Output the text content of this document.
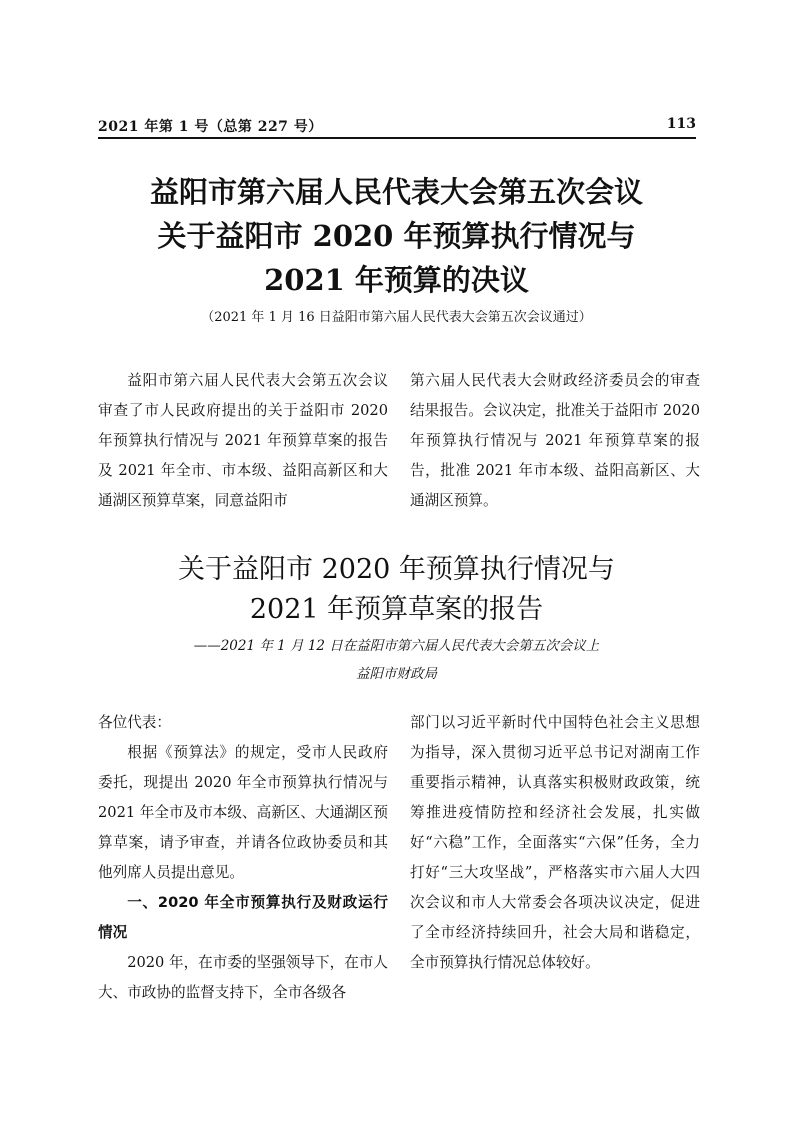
2021 年第 1 号（总第 227 号）	113
益阳市第六届人民代表大会第五次会议
关于益阳市 2020 年预算执行情况与
2021 年预算的决议
（2021 年 1 月 16 日益阳市第六届人民代表大会第五次会议通过）

益阳市第六届人民代表大会第五次会议审查了市人民政府提出的关于益阳市 2020 年预算执行情况与 2021 年预算草案的报告及 2021 年全市、市本级、益阳高新区和大通湖区预算草案，同意益阳市

第六届人民代表大会财政经济委员会的审查结果报告。会议决定，批准关于益阳市 2020 年预算执行情况与 2021 年预算草案的报告，批准 2021 年市本级、益阳高新区、大通湖区预算。

关于益阳市 2020 年预算执行情况与
2021 年预算草案的报告
——2021 年 1 月 12 日在益阳市第六届人民代表大会第五次会议上
益阳市财政局

各位代表：

根据《预算法》的规定，受市人民政府委托，现提出 2020 年全市预算执行情况与 2021 年全市及市本级、高新区、大通湖区预算草案，请予审查，并请各位政协委员和其他列席人员提出意见。

一、2020 年全市预算执行及财政运行情况

2020 年，在市委的坚强领导下，在市人大、市政协的监督支持下，全市各级各

部门以习近平新时代中国特色社会主义思想为指导，深入贯彻习近平总书记对湖南工作重要指示精神，认真落实积极财政政策，统筹推进疫情防控和经济社会发展，扎实做好“六稳”工作，全面落实“六保”任务，全力打好“三大攻坚战”，严格落实市六届人大四次会议和市人大常委会各项决议决定，促进了全市经济持续回升，社会大局和谐稳定，全市预算执行情况总体较好。
